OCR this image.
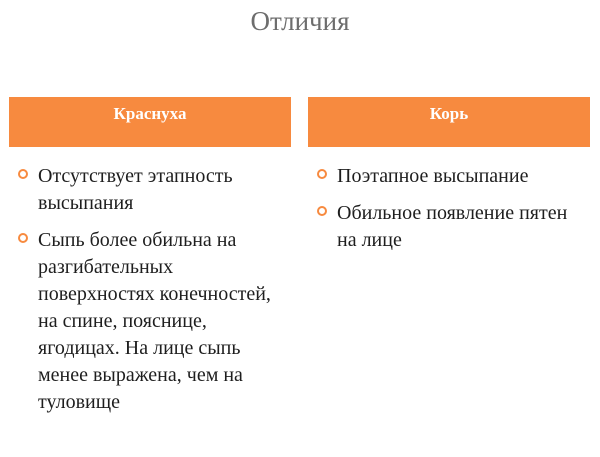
Отличия
Краснуха
Отсутствует этапность высыпания
Сыпь более обильна на разгибательных поверхностях конечностей, на спине, пояснице, ягодицах. На лице сыпь менее выражена, чем на туловище
Корь
Поэтапное высыпание
Обильное появление пятен на лице
